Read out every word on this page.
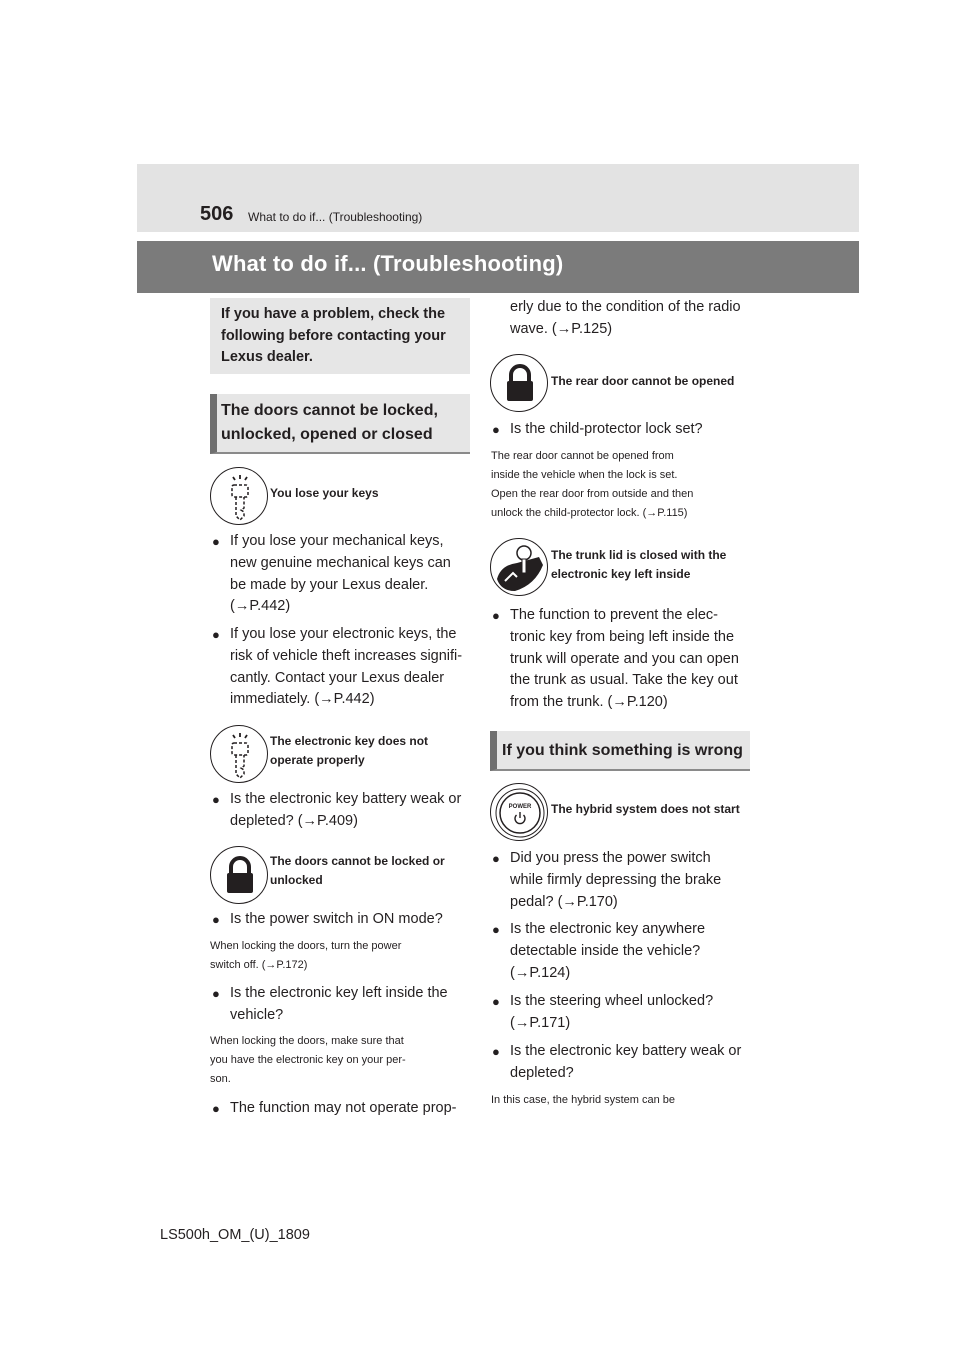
506 What to do if... (Troubleshooting)
What to do if... (Troubleshooting)
If you have a problem, check the
following before contacting your
Lexus dealer.
The doors cannot be locked,
unlocked, opened or closed
You lose your keys
● If you lose your mechanical keys,
new genuine mechanical keys can
be made by your Lexus dealer.
(→P.442)
● If you lose your electronic keys, the
risk of vehicle theft increases signifi-
cantly. Contact your Lexus dealer
immediately. (→P.442)
The electronic key does not
operate properly
● Is the electronic key battery weak or
depleted? (→P.409)
The doors cannot be locked or
unlocked
● Is the power switch in ON mode?
When locking the doors, turn the power
switch off. (→P.172)
● Is the electronic key left inside the
vehicle?
When locking the doors, make sure that
you have the electronic key on your per-
son.
● The function may not operate prop-
erly due to the condition of the radio
wave. (→P.125)
The rear door cannot be opened
● Is the child-protector lock set?
The rear door cannot be opened from
inside the vehicle when the lock is set.
Open the rear door from outside and then
unlock the child-protector lock. (→P.115)
The trunk lid is closed with the
electronic key left inside
● The function to prevent the elec-
tronic key from being left inside the
trunk will operate and you can open
the trunk as usual. Take the key out
from the trunk. (→P.120)
If you think something is wrong
POWER The hybrid system does not start
● Did you press the power switch
while firmly depressing the brake
pedal? (→P.170)
● Is the electronic key anywhere
detectable inside the vehicle?
(→P.124)
● Is the steering wheel unlocked?
(→P.171)
● Is the electronic key battery weak or
depleted?
In this case, the hybrid system can be
LS500h_OM_(U)_1809
